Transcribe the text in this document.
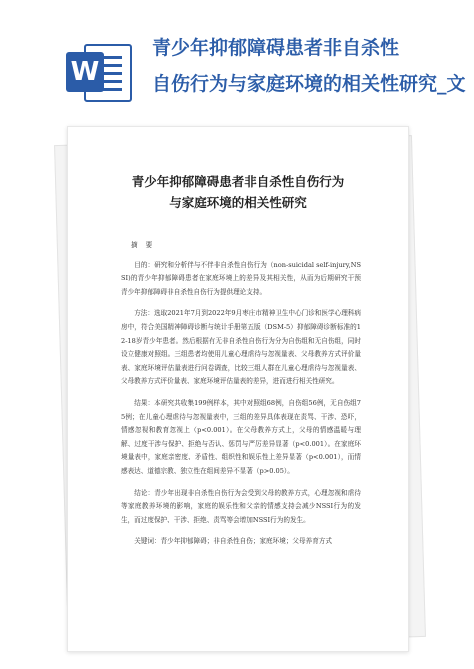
W
青少年抑郁障碍患者非自杀性
自伤行为与家庭环境的相关性研究_文
青少年抑郁障碍患者非自杀性自伤行为
与家庭环境的相关性研究
摘要

目的：研究和分析伴与不伴非自杀性自伤行为（non-suicidal self-injury,NSSI)的青少年抑郁障碍患者在家庭环境上的差异及其相关性，从而为后期研究干预青少年抑郁障碍非自杀性自伤行为提供理论支持。

方法：选取2021年7月到2022年9月枣庄市精神卫生中心门诊和医学心理科病房中，符合美国精神障碍诊断与统计手册第五版（DSM-5）抑郁障碍诊断标准的12-18岁青少年患者。然后根据有无非自杀性自伤行为分为自伤组和无自伤组，同时设立健康对照组。三组患者均使用儿童心理虐待与忽视量表、父母教养方式评价量表、家庭环境评估量表进行问卷调查，比较三组人群在儿童心理虐待与忽视量表、父母教养方式评价量表、家庭环境评估量表的差异，进而进行相关性研究。

结果：本研究共收集199例样本，其中对照组68例，自伤组56例，无自伤组75例；在儿童心理虐待与忽视量表中，三组的差异具体表现在责骂、干涉、恐吓，情感忽视和教育忽视上（p<0.001）。在父母教养方式上，父母的情感温暖与理解、过度干涉与保护、拒绝与否认、惩罚与严厉差异显著（p<0.001）。在家庭环境量表中，家庭亲密度、矛盾性、组织性和娱乐性上差异显著（p<0.001），而情感表达、道德宗教、独立性在组间差异不显著（p>0.05）。

结论：青少年出现非自杀性自伤行为会受到父母的教养方式，心理忽视和虐待等家庭教养环境的影响，家庭的娱乐性和父亲的情感支持会减少NSSI行为的发生，而过度保护、干涉、拒绝、责骂等会增加NSSI行为的发生。

关键词：青少年抑郁障碍；非自杀性自伤；家庭环境；父母养育方式
